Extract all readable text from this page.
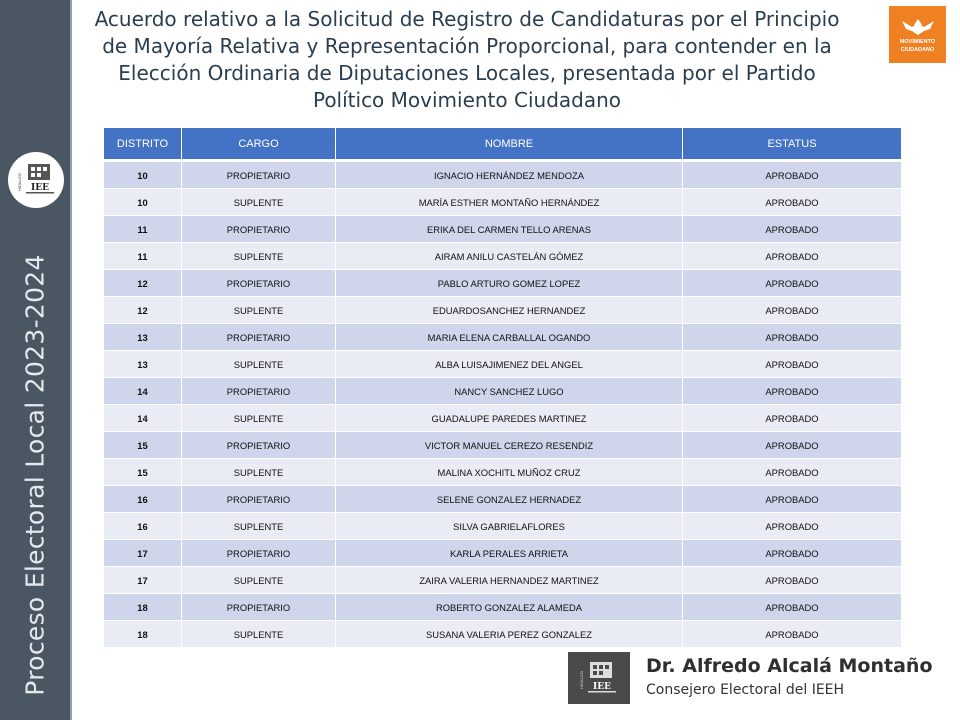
IEE
HIDALGO
Proceso Electoral Local 2023-2024
Acuerdo relativo a la Solicitud de Registro de Candidaturas por el Principio de Mayoría Relativa y Representación Proporcional, para contender en la Elección Ordinaria de Diputaciones Locales, presentada por el Partido Político Movimiento Ciudadano
MOVIMIENTO
CIUDADANO
DISTRITO	CARGO	NOMBRE	ESTATUS
10	PROPIETARIO	IGNACIO HERNÁNDEZ MENDOZA	APROBADO
10	SUPLENTE	MARÍA ESTHER MONTAÑO HERNÁNDEZ	APROBADO
11	PROPIETARIO	ERIKA DEL CARMEN TELLO ARENAS	APROBADO
11	SUPLENTE	AIRAM ANILU CASTELÁN GÓMEZ	APROBADO
12	PROPIETARIO	PABLO ARTURO GOMEZ LOPEZ	APROBADO
12	SUPLENTE	EDUARDOSANCHEZ HERNANDEZ	APROBADO
13	PROPIETARIO	MARIA ELENA CARBALLAL OGANDO	APROBADO
13	SUPLENTE	ALBA LUISAJIMENEZ DEL ANGEL	APROBADO
14	PROPIETARIO	NANCY SANCHEZ LUGO	APROBADO
14	SUPLENTE	GUADALUPE PAREDES MARTINEZ	APROBADO
15	PROPIETARIO	VICTOR MANUEL CEREZO RESENDIZ	APROBADO
15	SUPLENTE	MALINA XOCHITL MUÑOZ CRUZ	APROBADO
16	PROPIETARIO	SELENE GONZALEZ HERNADEZ	APROBADO
16	SUPLENTE	SILVA GABRIELAFLORES	APROBADO
17	PROPIETARIO	KARLA PERALES ARRIETA	APROBADO
17	SUPLENTE	ZAIRA VALERIA HERNANDEZ MARTINEZ	APROBADO
18	PROPIETARIO	ROBERTO GONZALEZ ALAMEDA	APROBADO
18	SUPLENTE	SUSANA VALERIA PEREZ GONZALEZ	APROBADO
IEE
HIDALGO
Dr. Alfredo Alcalá Montaño
Consejero Electoral del IEEH
